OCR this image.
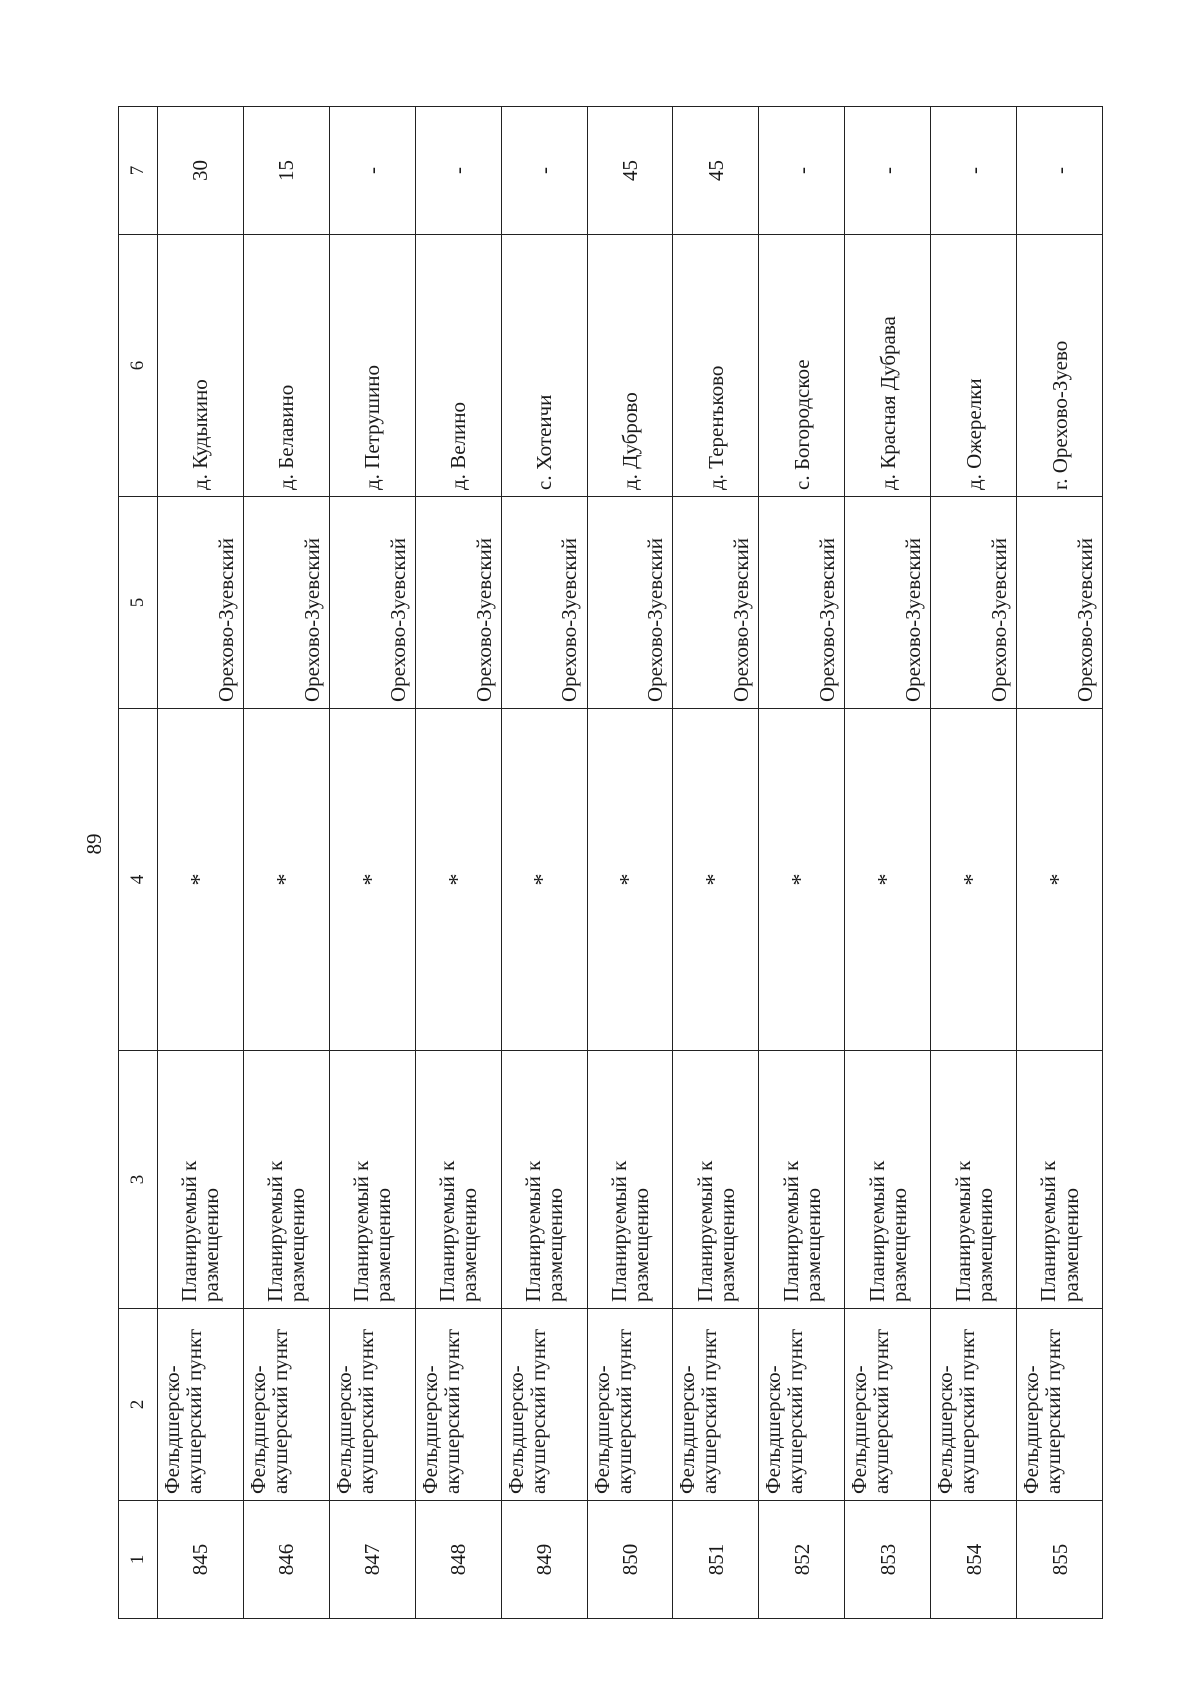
89
1	2	3	4	5	6	7
845	Фельдшерско-акушерский пункт	Планируемый к размещению	*	Орехово-Зуевский	д. Кудыкино	30
846	Фельдшерско-акушерский пункт	Планируемый к размещению	*	Орехово-Зуевский	д. Белавино	15
847	Фельдшерско-акушерский пункт	Планируемый к размещению	*	Орехово-Зуевский	д. Петрушино	-
848	Фельдшерско-акушерский пункт	Планируемый к размещению	*	Орехово-Зуевский	д. Велино	-
849	Фельдшерско-акушерский пункт	Планируемый к размещению	*	Орехово-Зуевский	с. Хотеичи	-
850	Фельдшерско-акушерский пункт	Планируемый к размещению	*	Орехово-Зуевский	д. Дуброво	45
851	Фельдшерско-акушерский пункт	Планируемый к размещению	*	Орехово-Зуевский	д. Теренъково	45
852	Фельдшерско-акушерский пункт	Планируемый к размещению	*	Орехово-Зуевский	с. Богородское	-
853	Фельдшерско-акушерский пункт	Планируемый к размещению	*	Орехово-Зуевский	д. Красная Дубрава	-
854	Фельдшерско-акушерский пункт	Планируемый к размещению	*	Орехово-Зуевский	д. Ожерелки	-
855	Фельдшерско-акушерский пункт	Планируемый к размещению	*	Орехово-Зуевский	г. Орехово-Зуево	-
